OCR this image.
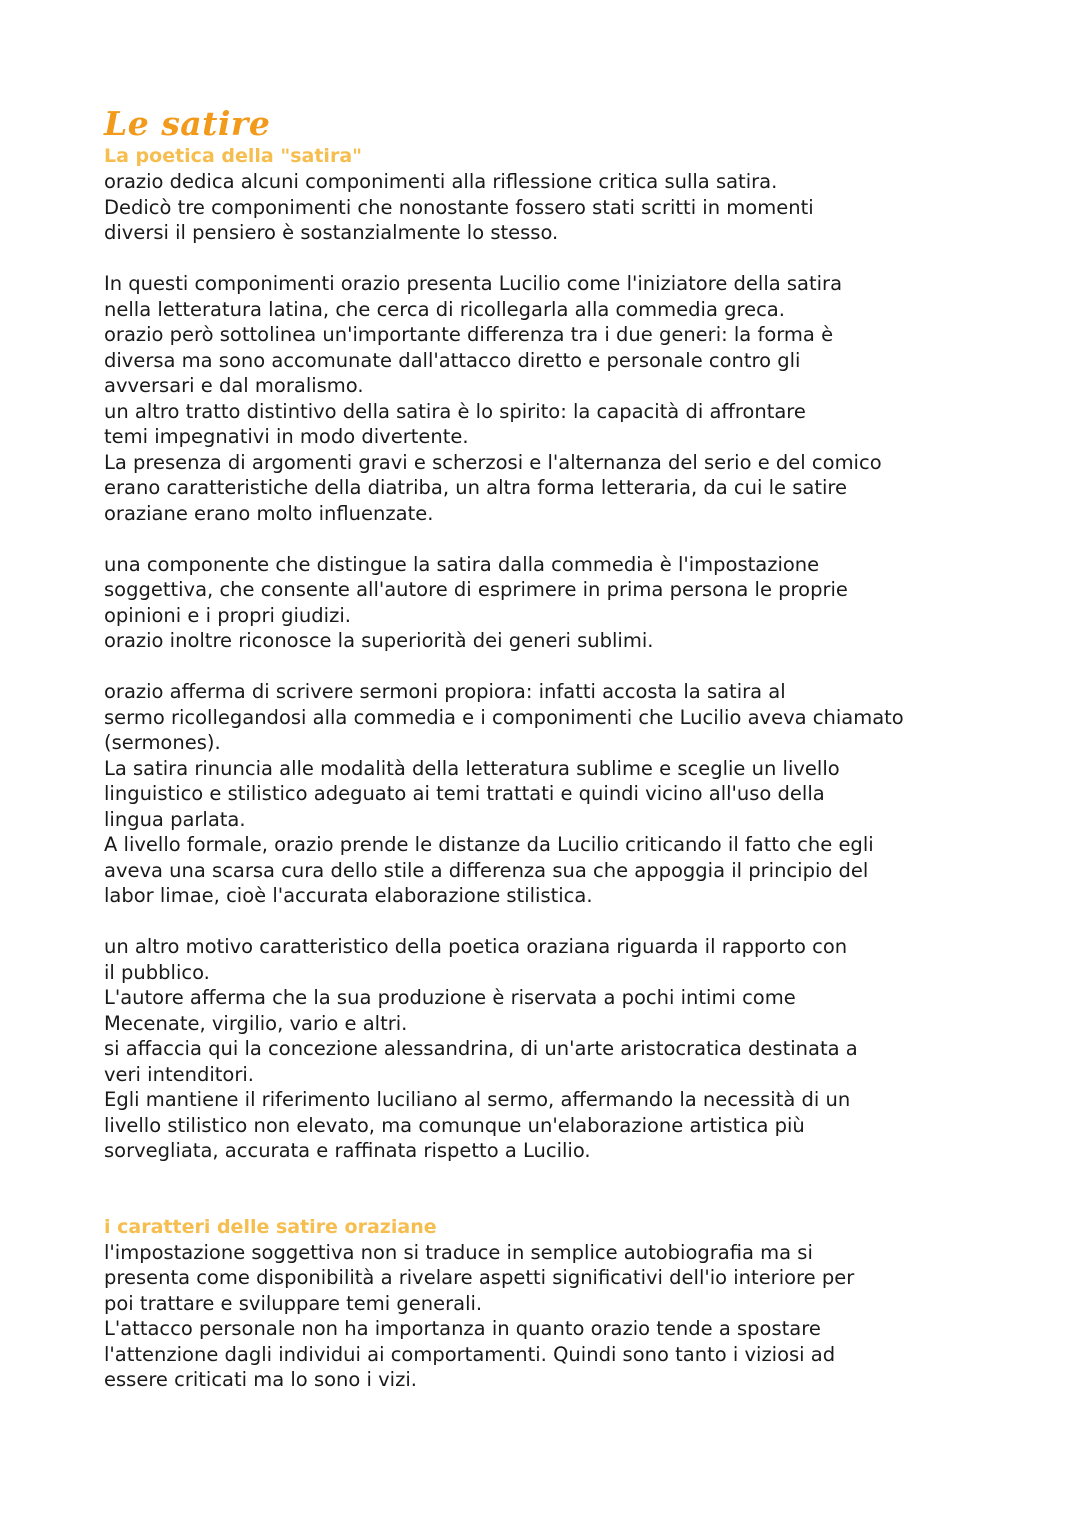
Le satire
La poetica della "satira"

orazio dedica alcuni componimenti alla riflessione critica sulla satira.
Dedicò tre componimenti che nonostante fossero stati scritti in momenti
diversi il pensiero è sostanzialmente lo stesso.

In questi componimenti orazio presenta Lucilio come l'iniziatore della satira
nella letteratura latina, che cerca di ricollegarla alla commedia greca.
orazio però sottolinea un'importante differenza tra i due generi: la forma è
diversa ma sono accomunate dall'attacco diretto e personale contro gli
avversari e dal moralismo.
un altro tratto distintivo della satira è lo spirito: la capacità di affrontare
temi impegnativi in modo divertente.
La presenza di argomenti gravi e scherzosi e l'alternanza del serio e del comico
erano caratteristiche della diatriba, un altra forma letteraria, da cui le satire
oraziane erano molto influenzate.

una componente che distingue la satira dalla commedia è l'impostazione
soggettiva, che consente all'autore di esprimere in prima persona le proprie
opinioni e i propri giudizi.
orazio inoltre riconosce la superiorità dei generi sublimi.

orazio afferma di scrivere sermoni propiora: infatti accosta la satira al
sermo ricollegandosi alla commedia e i componimenti che Lucilio aveva chiamato
(sermones).
La satira rinuncia alle modalità della letteratura sublime e sceglie un livello
linguistico e stilistico adeguato ai temi trattati e quindi vicino all'uso della
lingua parlata.
A livello formale, orazio prende le distanze da Lucilio criticando il fatto che egli
aveva una scarsa cura dello stile a differenza sua che appoggia il principio del
labor limae, cioè l'accurata elaborazione stilistica.

un altro motivo caratteristico della poetica oraziana riguarda il rapporto con
il pubblico.
L'autore afferma che la sua produzione è riservata a pochi intimi come
Mecenate, virgilio, vario e altri.
si affaccia qui la concezione alessandrina, di un'arte aristocratica destinata a
veri intenditori.
Egli mantiene il riferimento luciliano al sermo, affermando la necessità di un
livello stilistico non elevato, ma comunque un'elaborazione artistica più
sorvegliata, accurata e raffinata rispetto a Lucilio.

i caratteri delle satire oraziane

l'impostazione soggettiva non si traduce in semplice autobiografia ma si
presenta come disponibilità a rivelare aspetti significativi dell'io interiore per
poi trattare e sviluppare temi generali.
L'attacco personale non ha importanza in quanto orazio tende a spostare
l'attenzione dagli individui ai comportamenti. Quindi sono tanto i viziosi ad
essere criticati ma lo sono i vizi.
